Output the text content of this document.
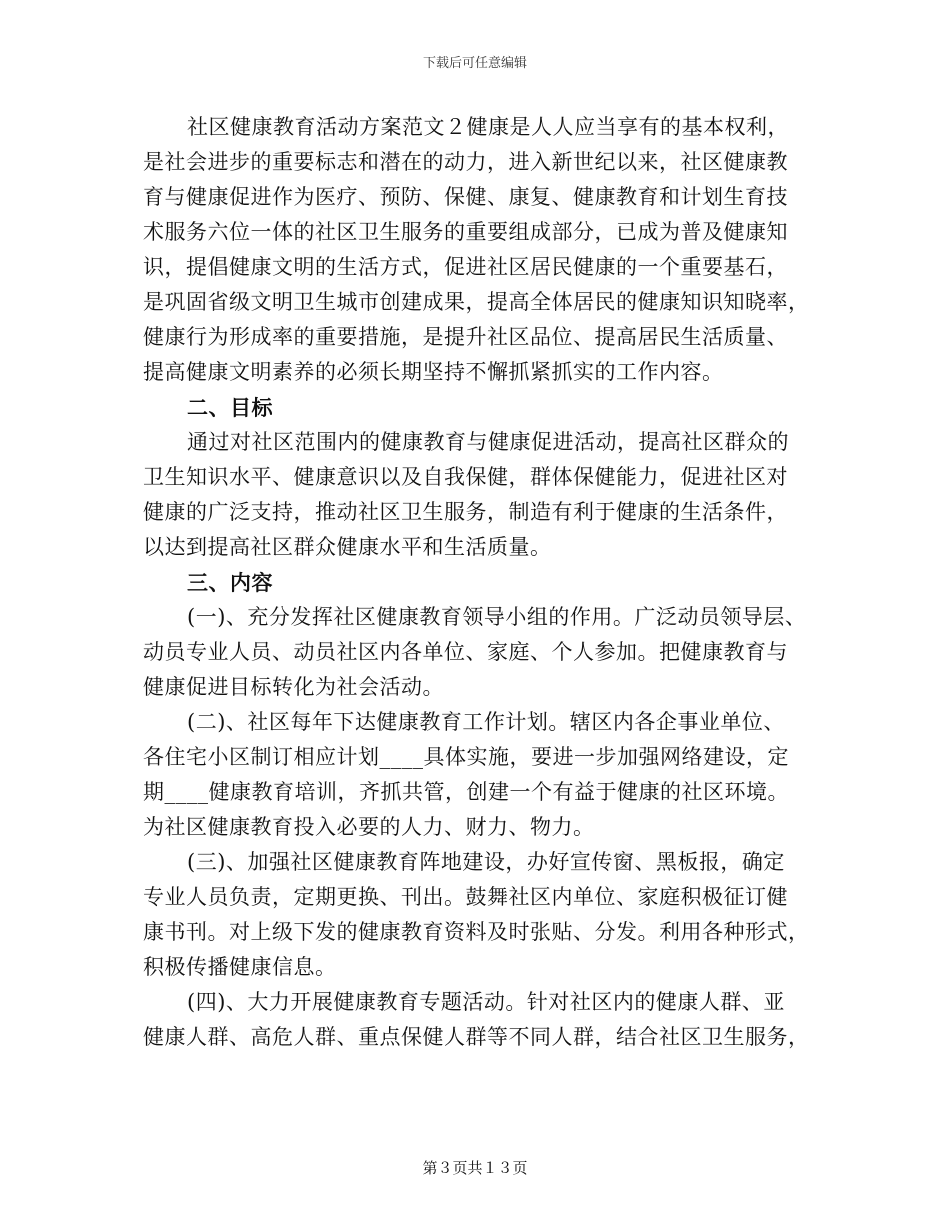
下载后可任意编辑
社区健康教育活动方案范文２健康是人人应当享有的基本权利，
是社会进步的重要标志和潜在的动力，进入新世纪以来，社区健康教
育与健康促进作为医疗、预防、保健、康复、健康教育和计划生育技
术服务六位一体的社区卫生服务的重要组成部分，已成为普及健康知
识，提倡健康文明的生活方式，促进社区居民健康的一个重要基石，
是巩固省级文明卫生城市创建成果，提高全体居民的健康知识知晓率，
健康行为形成率的重要措施，是提升社区品位、提高居民生活质量、
提高健康文明素养的必须长期坚持不懈抓紧抓实的工作内容。
二、目标
通过对社区范围内的健康教育与健康促进活动，提高社区群众的
卫生知识水平、健康意识以及自我保健，群体保健能力，促进社区对
健康的广泛支持，推动社区卫生服务，制造有利于健康的生活条件，
以达到提高社区群众健康水平和生活质量。
三、内容
(一)、充分发挥社区健康教育领导小组的作用。广泛动员领导层、
动员专业人员、动员社区内各单位、家庭、个人参加。把健康教育与
健康促进目标转化为社会活动。
(二)、社区每年下达健康教育工作计划。辖区内各企事业单位、
各住宅小区制订相应计划____具体实施，要进一步加强网络建设，定
期____健康教育培训，齐抓共管，创建一个有益于健康的社区环境。
为社区健康教育投入必要的人力、财力、物力。
(三)、加强社区健康教育阵地建设，办好宣传窗、黑板报，确定
专业人员负责，定期更换、刊出。鼓舞社区内单位、家庭积极征订健
康书刊。对上级下发的健康教育资料及时张贴、分发。利用各种形式，
积极传播健康信息。
(四)、大力开展健康教育专题活动。针对社区内的健康人群、亚
健康人群、高危人群、重点保健人群等不同人群，结合社区卫生服务，
第３页共１３页
